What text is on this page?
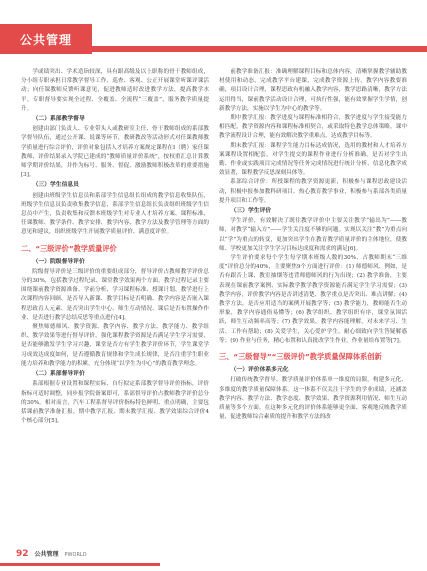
公共管理
学或绩突出、学术造诣较深，具有跟高级及以上职称的骨干教师组成，分小组专职承担日常教学督导工作、巡查、客观、公正开展课堂听课评课活动；向任课教师反馈听课意见，促进教师适时改进教学方法，提高教学水平。专职督导要实现全过程、全覆盖、全流程“三覆盖”，服务教学质量提升。
（二）系部教学督导
创建由部门负责人、专业带头人或教研室主任、骨干教师组成的系部教学督导队伍，通过公开课、说课等环节，教研教改等活动形式对任课教师教学质量进行综合评价，评价对象包括人才培养方案规定课程在Ⅰ（聘）家任课教师，评价结果录入学院已建成的“教师质量评价系统”，按权重汇总计算教师学期评价结果，并作为标号、服务、督促、激励教师积极改革的重要措施[3]。
（三）学生信息员
创建由班级学生信息员和系部学生信息组长组成的教学信息收集队伍，班级学生信息员负责收集教学信息，系部学生信息组长负责组织班级学生信息员中产生，负责收集和反馈本班级学生对专业人才培养方案、课程标准、任课教师、教学条件、教学安排、教学内容、教学方法及教学管理等方面的意见和建议，组织班级学生开展教学质量评价、满意度评价。
二、“三级评价”教学质量评价
（一）院级督导评价
院级督导评价是三级评价的重要组成部分，督导评价占教师教学评价总分的30%，包括教学过程纪录、课堂教学效果两个方面。教学过程记录主要围绕课前教学资源准备、学前分析、学习课程标准、授课计划、教学进行上次课程内容回顾、是否导入新课、教学目标是否明确、教学内容是否嵌入课程思政育人元素、是否突出学生中心、师生互动情况、课后是否布置操作作业、是否进行教学总结反思等重点进行[4]。
聚焦师德师风、教学资源、教学内容、教学方法、教学能力、教学组织、教学效果等进行督导评价，强化课程教学资源是否满足学生学习需要，是否能够激发学生学习兴趣，课堂是否方有学生教学评价环节，学生课堂学习成效达成度如何，是否遵循教育规律和学生成长规律，是否注重学生职业能力培养和教学能力的积累，充分体现“以学生为中心”的教育教学理念。
（二）系部督导评价
系部根据专业设置和课程实际，自行拟定系部教学督导评价指标，评价指标可适时调整，同步报学院备案即可，系部督导评价占教师教学评价总分的30%。相对而言，汽车工程系督导评价指标特色鲜明、重点明确，主要包括课前教学准备汇报、期中教学汇报、期末教学汇报、教学效果综合评价4个核心部分[5]。
前教学准备汇报：准确理解课程目标和总体内容，清晰掌握教学辅助教材使用和动态，完成教学平台建课，完成教学资源上传，教学内容教要准确，项目设计合理，课程思政有机融入教学内容，教学思路清晰，教学方法运用得当，课前教学活动设计合理，可执行性强，能有效掌握学生学情，创新教学方法，实施以学生为中心的教学等。
期中教学汇报：教学进度与课程标准相符合，教学进度与学生接受能力相匹配，教学资源内容和课程标准相契合，或采取特色教学总体策略，课中教学流程设计合理，能有效解决教学重难点，达成教学目标等。
期末教学汇报：课程学生能力目标达成情况，选用的教材和人才培养方案课程设置相配套，对学生提交的课程作业进行分析准确，是否对学生出勤、作业或实践项目完成情况等任务完成情况进行统计分析、信息化教学成效显著，课程教学反思深刻具体等。
系部综合评价：所授课程的教学资源更新，积极参与课程思政建设活动，积极申报参加教科研项目，热心教育教学事业，积极参与系部各类质量提升项目和工作等。
（三）学生评价
学生评价，有效解决了既往教学评价中主要关注教学“输出为”——教师，对教学“输入方”——学生关注度不够的问题。实现以关注“教”为重点向以“学”为重点的转变，更加突出学生在教育教学质量评价的主体地位，使教师、学校更加关注学生学习目标达成度和需求的满足[6]。
学生评价要求每个学生每学期本班级人数的30%，占教师期末“三维度”评价总分的40%，主要聚焦9个方面进行评价：(1) 师德师风、例如，是否有跟否上课、教室抽烟等违背师德师风的行为出现；(2) 教学准备，主要表现在课前教学案例、实际教学教学教学资源能否满足学生学习需要；(3) 教学内容，评价教学内容是否讲述清楚、教学重点是否突出、难点讲解；(4) 教学方法，是否应用适当的案例开展教学等；(5) 教学能力，教师能否生动形象，教学内容通俗易懂等；(6) 教学组织，教学组织有序，课堂氛围活跃，师生互动频率高等；(7) 教学效果，教学内容能理解，对未来学习、生活、工作有帮助；(8) 关爱学生，关心爱护学生，耐心细致向学生答疑解惑等；(9) 作业与任务，精心布置和认真批改学生作业，作业量给布置等[7]。
三、“三级督导”“三级评价”教学质量保障体系创新
（一）评价体系多元化
打破传统教学督导、教学质量评价体系单一维度的局限，构建多元化、多维度的教学质量保障体系。这一体系不仅关注于学生的学业成绩，还涵盖教学内容、教学方法、教学态度、教学效果、教学资源利用情况、师生互动质量等多个方面。在这种多元化的评价体系能够更全面、客观地反映教学质量，促进教师综合素质的提升和教学方法的改
92 公共管理 PWORLD
